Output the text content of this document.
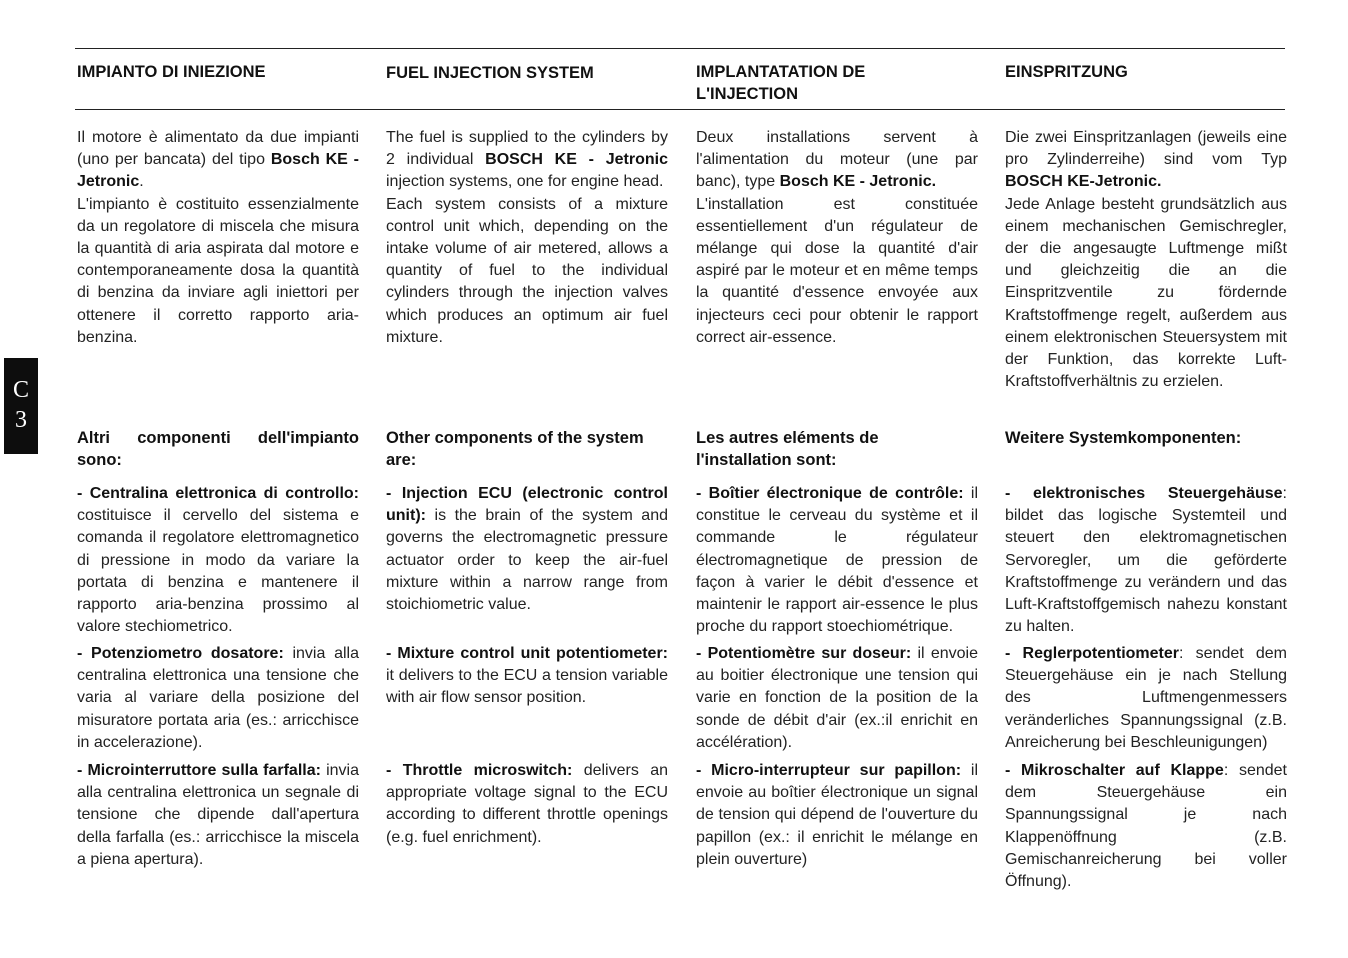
C
3
IMPIANTO DI INIEZIONE	FUEL INJECTION SYSTEM	IMPLANTATATION DE
L'INJECTION
EINSPRITZUNG

Il motore è alimentato da due impianti (uno per bancata) del tipo Bosch KE - Jetronic.

L'impianto è costituito essenzialmente da un regolatore di miscela che misura la quantità di aria aspirata dal motore e contemporaneamente dosa la quantità di benzina da inviare agli iniettori per ottenere il corretto rapporto aria-benzina.

The fuel is supplied to the cylinders by 2 individual BOSCH KE - Jetronic injection systems, one for engine head.

Each system consists of a mixture control unit which, depending on the intake volume of air metered, allows a quantity of fuel to the individual cylinders through the injection valves which produces an optimum air fuel mixture.

Deux installations servent à l'alimentation du moteur (une par banc), type Bosch KE - Jetronic.

L'installation est constituée essentiellement d'un régulateur de mélange qui dose la quantité d'air aspiré par le moteur et en même temps la quantité d'essence envoyée aux injecteurs ceci pour obtenir le rapport correct air-essence.

Die zwei Einspritzanlagen (jeweils eine pro Zylinderreihe) sind vom Typ BOSCH KE-Jetronic.

Jede Anlage besteht grundsätzlich aus einem mechanischen Gemischregler, der die angesaugte Luftmenge mißt und gleichzeitig die an die Einspritzventile zu fördernde Kraftstoffmenge regelt, außerdem aus einem elektronischen Steuersystem mit der Funktion, das korrekte Luft-Kraftstoffverhältnis zu erzielen.

Altri componenti dell'impianto sono:
Other components of the system are:
Les autres eléments de l'installation sont:
Weitere Systemkomponenten:

- Centralina elettronica di controllo: costituisce il cervello del sistema e comanda il regolatore elettromagnetico di pressione in modo da variare la portata di benzina e mantenere il rapporto aria-benzina prossimo al valore stechiometrico.

- Potenziometro dosatore: invia alla centralina elettronica una tensione che varia al variare della posizione del misuratore portata aria (es.: arricchisce in accelerazione).

- Microinterruttore sulla farfalla: invia alla centralina elettronica un segnale di tensione che dipende dall'apertura della farfalla (es.: arricchisce la miscela a piena apertura).

- Injection ECU (electronic control unit): is the brain of the system and governs the electromagnetic pressure actuator order to keep the air-fuel mixture within a narrow range from stoichiometric value.

- Mixture control unit potentiometer: it delivers to the ECU a tension variable with air flow sensor position.

- Throttle microswitch: delivers an appropriate voltage signal to the ECU according to different throttle openings (e.g. fuel enrichment).

- Boîtier électronique de contrôle: il constitue le cerveau du système et il commande le régulateur électromagnetique de pression de façon à varier le débit d'essence et maintenir le rapport air-essence le plus proche du rapport stoechiométrique.

- Potentiomètre sur doseur: il envoie au boitier électronique une tension qui varie en fonction de la position de la sonde de débit d'air (ex.:il enrichit en accélération).

- Micro-interrupteur sur papillon: il envoie au boîtier électronique un signal de tension qui dépend de l'ouverture du papillon (ex.: il enrichit le mélange en plein ouverture)

- elektronisches Steuergehäuse: bildet das logische Systemteil und steuert den elektromagnetischen Servoregler, um die geförderte Kraftstoffmenge zu verändern und das Luft-Kraftstoffgemisch nahezu konstant zu halten.

- Reglerpotentiometer: sendet dem Steuergehäuse ein je nach Stellung des Luftmengenmessers veränderliches Spannungssignal (z.B. Anreicherung bei Beschleunigungen)

- Mikroschalter auf Klappe: sendet dem Steuergehäuse ein Spannungssignal je nach Klappenöffnung (z.B. Gemischanreicherung bei voller Öffnung).
